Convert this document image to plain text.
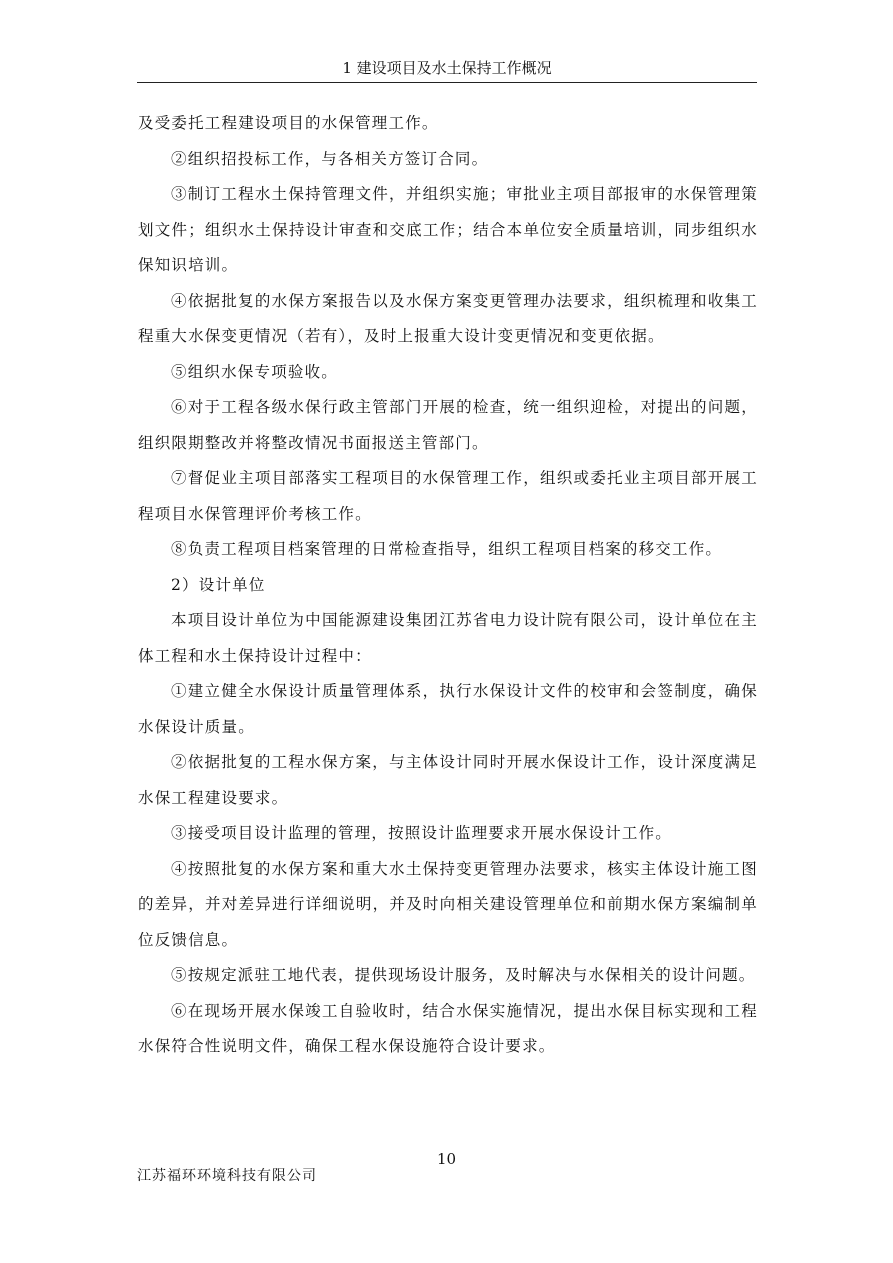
1 建设项目及水土保持工作概况

及受委托工程建设项目的水保管理工作。

②组织招投标工作，与各相关方签订合同。

③制订工程水土保持管理文件，并组织实施；审批业主项目部报审的水保管理策划文件；组织水土保持设计审查和交底工作；结合本单位安全质量培训，同步组织水保知识培训。

④依据批复的水保方案报告以及水保方案变更管理办法要求，组织梳理和收集工程重大水保变更情况（若有），及时上报重大设计变更情况和变更依据。

⑤组织水保专项验收。

⑥对于工程各级水保行政主管部门开展的检查，统一组织迎检，对提出的问题，组织限期整改并将整改情况书面报送主管部门。

⑦督促业主项目部落实工程项目的水保管理工作，组织或委托业主项目部开展工程项目水保管理评价考核工作。

⑧负责工程项目档案管理的日常检查指导，组织工程项目档案的移交工作。

2）设计单位

本项目设计单位为中国能源建设集团江苏省电力设计院有限公司，设计单位在主体工程和水土保持设计过程中：

①建立健全水保设计质量管理体系，执行水保设计文件的校审和会签制度，确保水保设计质量。

②依据批复的工程水保方案，与主体设计同时开展水保设计工作，设计深度满足水保工程建设要求。

③接受项目设计监理的管理，按照设计监理要求开展水保设计工作。

④按照批复的水保方案和重大水土保持变更管理办法要求，核实主体设计施工图的差异，并对差异进行详细说明，并及时向相关建设管理单位和前期水保方案编制单位反馈信息。

⑤按规定派驻工地代表，提供现场设计服务，及时解决与水保相关的设计问题。

⑥在现场开展水保竣工自验收时，结合水保实施情况，提出水保目标实现和工程水保符合性说明文件，确保工程水保设施符合设计要求。

10
江苏福环环境科技有限公司
